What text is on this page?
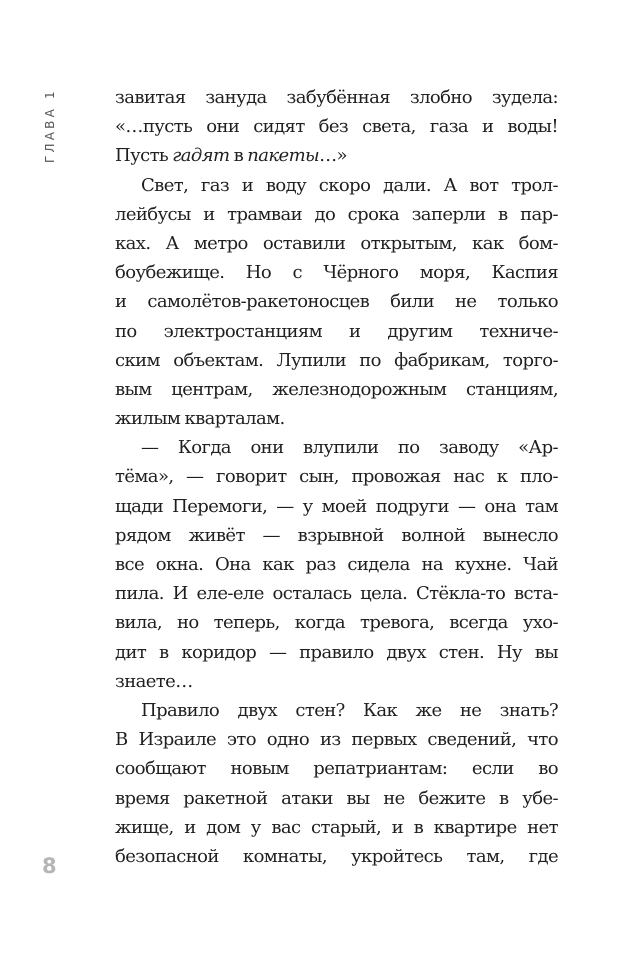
ГЛАВА 1	завитая зануда забубённая злобно зудела:
«…пусть они сидят без света, газа и воды!
Пусть гадят в пакеты…»
Свет, газ и воду скоро дали. А вот трол-
лейбусы и трамваи до срока заперли в пар-
ках. А метро оставили открытым, как бом-
боубежище. Но с Чёрного моря, Каспия
и самолётов-ракетоносцев били не только
по электростанциям и другим техниче-
ским объектам. Лупили по фабрикам, торго-
вым центрам, железнодорожным станциям,
жилым кварталам.
— Когда они влупили по заводу «Ар-
тёма», — говорит сын, провожая нас к пло-
щади Перемоги, — у моей подруги — она там
рядом живёт — взрывной волной вынесло
все окна. Она как раз сидела на кухне. Чай
пила. И еле-еле осталась цела. Стёкла-то вста-
вила, но теперь, когда тревога, всегда ухо-
дит в коридор — правило двух стен. Ну вы
знаете…
Правило двух стен? Как же не знать?
В Израиле это одно из первых сведений, что
сообщают новым репатриантам: если во
время ракетной атаки вы не бежите в убе-
жище, и дом у вас старый, и в квартире нет
безопасной комнаты, укройтесь там, где
8
